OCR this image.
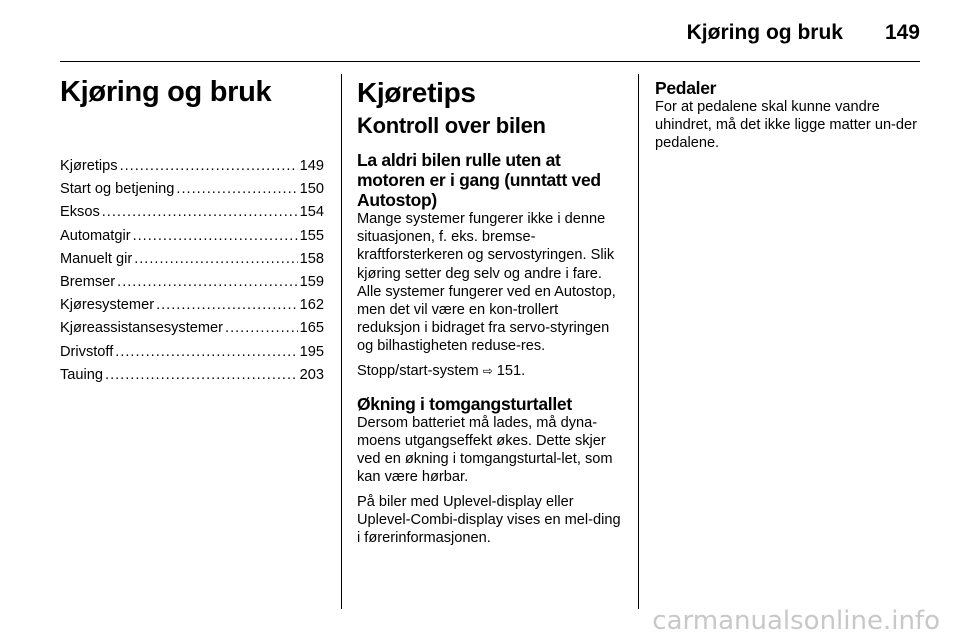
Kjøring og bruk 149
Kjøring og bruk
Kjøretips .....	149
Start og betjening .....	150
Eksos .....	154
Automatgir .....	155
Manuelt gir .....	158
Bremser .....	159
Kjøresystemer .....	162
Kjøreassistansesystemer .....	165
Drivstoff .....	195
Tauing .....	203
Kjøretips
Kontroll over bilen
La aldri bilen rulle uten at motoren er i gang (unntatt ved Autostop)

Mange systemer fungerer ikke i denne situasjonen, f. eks. bremse-kraftforsterkeren og servostyringen. Slik kjøring setter deg selv og andre i fare. Alle systemer fungerer ved en Autostop, men det vil være en kon-trollert reduksjon i bidraget fra servo-styringen og bilhastigheten reduse-res.

Stopp/start-system ⇨ 151.

Økning i tomgangsturtallet

Dersom batteriet må lades, må dyna-moens utgangseffekt økes. Dette skjer ved en økning i tomgangsturtal-let, som kan være hørbar.

På biler med Uplevel-display eller Uplevel-Combi-display vises en mel-ding i førerinformasjonen.

Pedaler

For at pedalene skal kunne vandre uhindret, må det ikke ligge matter un-der pedalene.

carmanualsonline.info
